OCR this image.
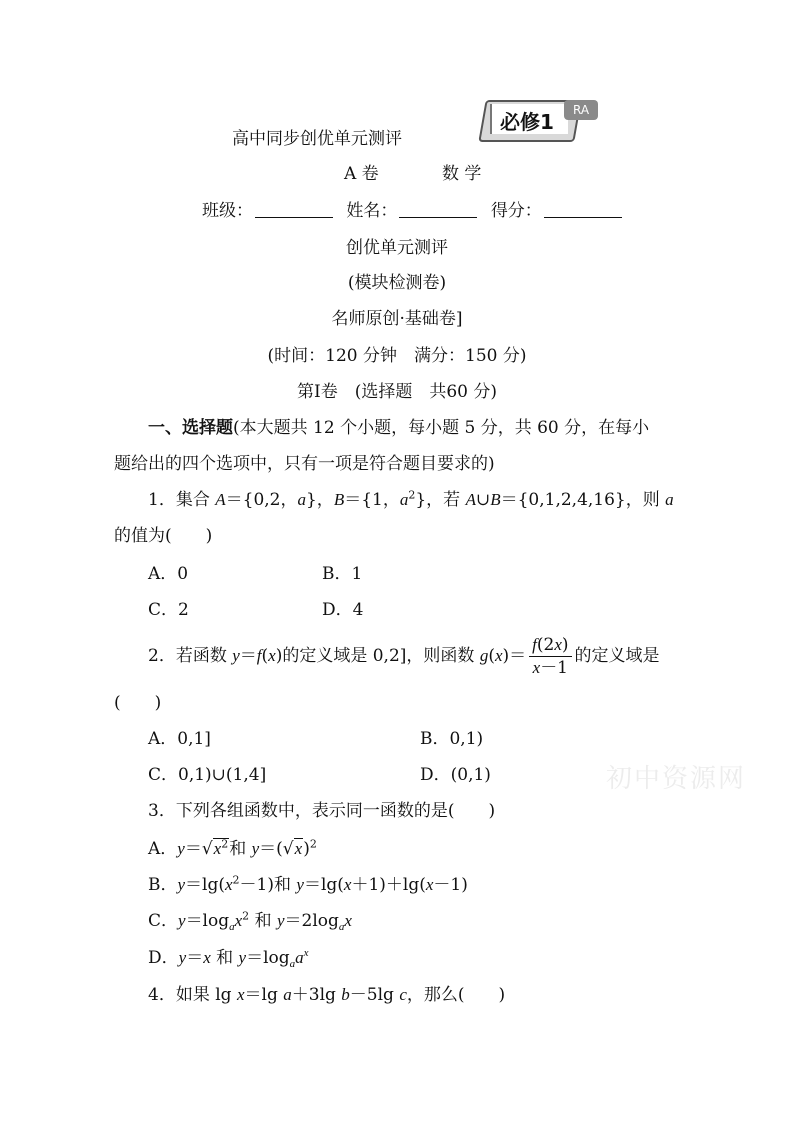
必修1	RA
高中同步创优单元测评
A 卷	数 学
班级：	姓名：	得分：
创优单元测评
(模块检测卷)
名师原创·基础卷]
(时间：120 分钟　满分：150 分)
第Ⅰ卷　(选择题　共60 分)
一、选择题(本大题共 12 个小题，每小题 5 分，共 60 分，在每小
题给出的四个选项中，只有一项是符合题目要求的)
1．集合 A＝{0,2，a}，B＝{1，$a^2$}，若 A∪B＝{0,1,2,4,16}，则 a
的值为(　　)
A．0	B．1
C．2	D．4
2．若函数 y＝f(x)的定义域是 0,2]，则函数 $g(x)= \frac{f(2x)}{x-1}$ 的定义域是
(　　)
A．0,1]	B．0,1)
C．0,1)∪(1,4]	D．(0,1)
3．下列各组函数中，表示同一函数的是(　　)
A．$y=√x^2$和 $y=(√x)^2$
B．$y=\lg(x^2-1)$和 y＝lg(x＋1)＋lg(x－1)
C．$y=\log_ax^2$ 和 $y=2\log_ax$
D．y＝x 和 $y=\log_aa^x$
4．如果 lg x＝lg a＋3lg b－5lg c，那么(　　)
初中资源网
